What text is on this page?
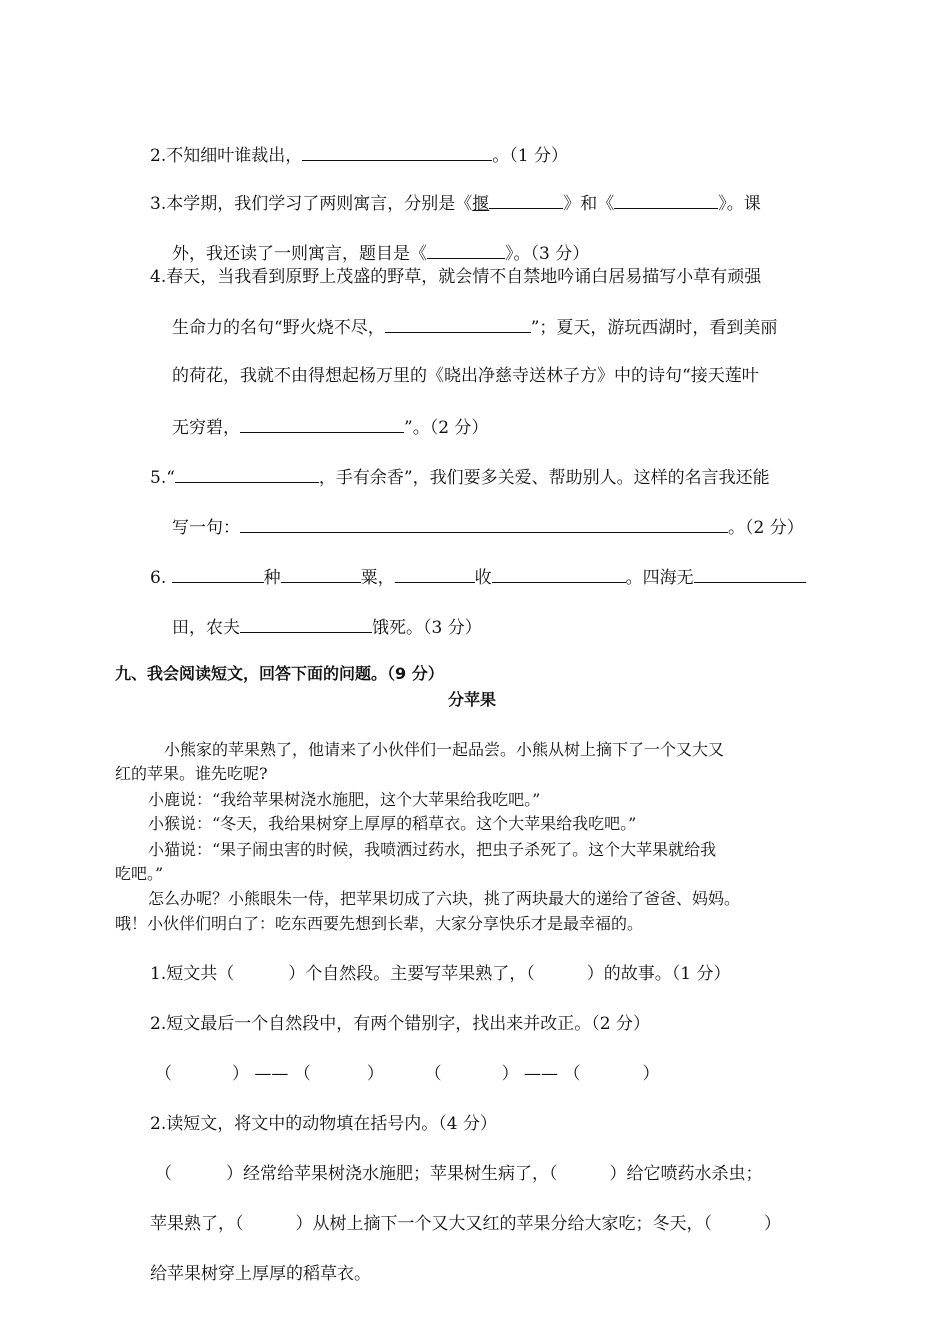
2.不知细叶谁裁出，	。（1 分）
3.本学期，我们学习了两则寓言，分别是《揠	》和《	》。课
外，我还读了一则寓言，题目是《	》。（3 分）
4.春天，当我看到原野上茂盛的野草，就会情不自禁地吟诵白居易描写小草有顽强
生命力的名句“野火烧不尽，	”；夏天，游玩西湖时，看到美丽
的荷花，我就不由得想起杨万里的《晓出净慈寺送林子方》中的诗句“接天莲叶
无穷碧，	”。（2 分）
5.“	，手有余香”，我们要多关爱、帮助别人。这样的名言我还能
写一句：	。（2 分）
6.	种	粟，	收	。四海无
田，农夫	饿死。（3 分）
九、我会阅读短文，回答下面的问题。（9 分）
分苹果
小熊家的苹果熟了，他请来了小伙伴们一起品尝。小熊从树上摘下了一个又大又
红的苹果。谁先吃呢?
小鹿说：“我给苹果树浇水施肥，这个大苹果给我吃吧。”
小猴说：“冬天，我给果树穿上厚厚的稻草衣。这个大苹果给我吃吧。”
小猫说：“果子闹虫害的时候，我喷洒过药水，把虫子杀死了。这个大苹果就给我
吃吧。”
怎么办呢？小熊眼朱一侍，把苹果切成了六块，挑了两块最大的递给了爸爸、妈妈。
哦！小伙伴们明白了：吃东西要先想到长辈，大家分享快乐才是最幸福的。
1.短文共（	）个自然段。主要写苹果熟了，（	）的故事。（1 分）
2.短文最后一个自然段中，有两个错别字，找出来并改正。（2 分）
（	） —— （	） （	） —— （	）
2.读短文，将文中的动物填在括号内。（4 分）
（	）经常给苹果树浇水施肥；苹果树生病了，（	）给它喷药水杀虫；
苹果熟了，（	）从树上摘下一个又大又红的苹果分给大家吃；冬天，（	）
给苹果树穿上厚厚的稻草衣。
